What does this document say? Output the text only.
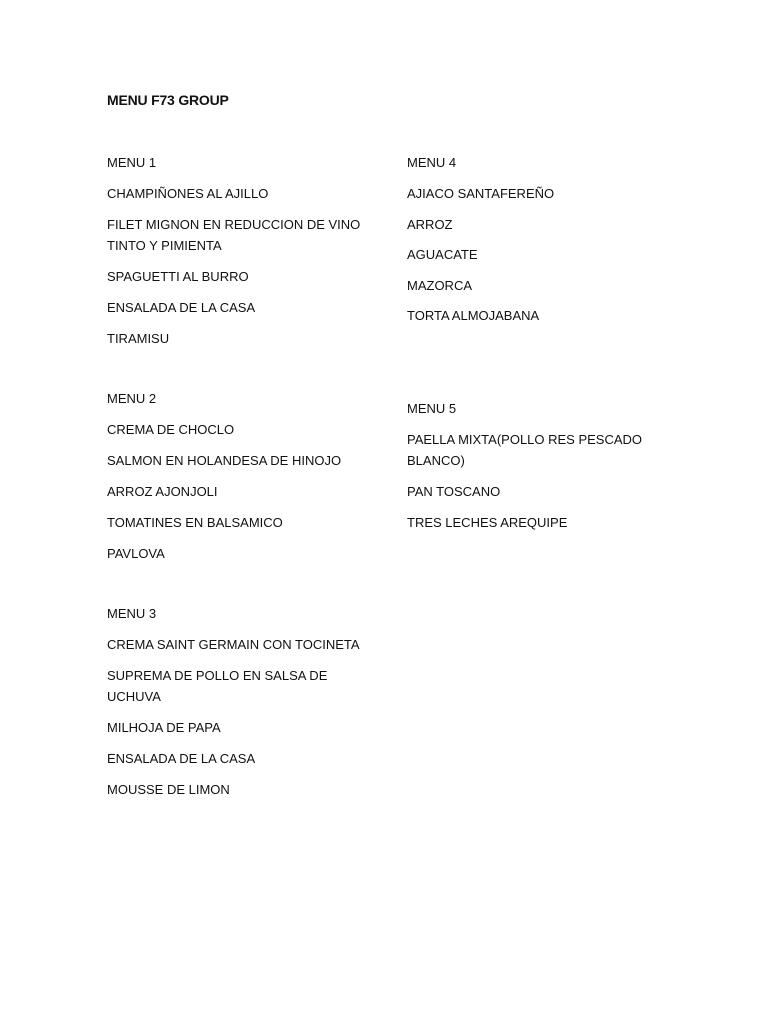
MENU F73 GROUP

MENU 1

CHAMPIÑONES AL AJILLO
FILET MIGNON EN REDUCCION DE VINO TINTO Y PIMIENTA
SPAGUETTI AL BURRO
ENSALADA DE LA CASA
TIRAMISU

MENU 2

CREMA DE CHOCLO
SALMON EN HOLANDESA DE HINOJO
ARROZ AJONJOLI
TOMATINES EN BALSAMICO
PAVLOVA

MENU 3

CREMA SAINT GERMAIN CON TOCINETA
SUPREMA DE POLLO EN SALSA DE UCHUVA
MILHOJA DE PAPA
ENSALADA DE LA CASA
MOUSSE DE LIMON

MENU 4

AJIACO SANTAFEREÑO
ARROZ
AGUACATE
MAZORCA
TORTA ALMOJABANA

MENU 5

PAELLA MIXTA(POLLO RES PESCADO BLANCO)
PAN TOSCANO
TRES LECHES AREQUIPE
